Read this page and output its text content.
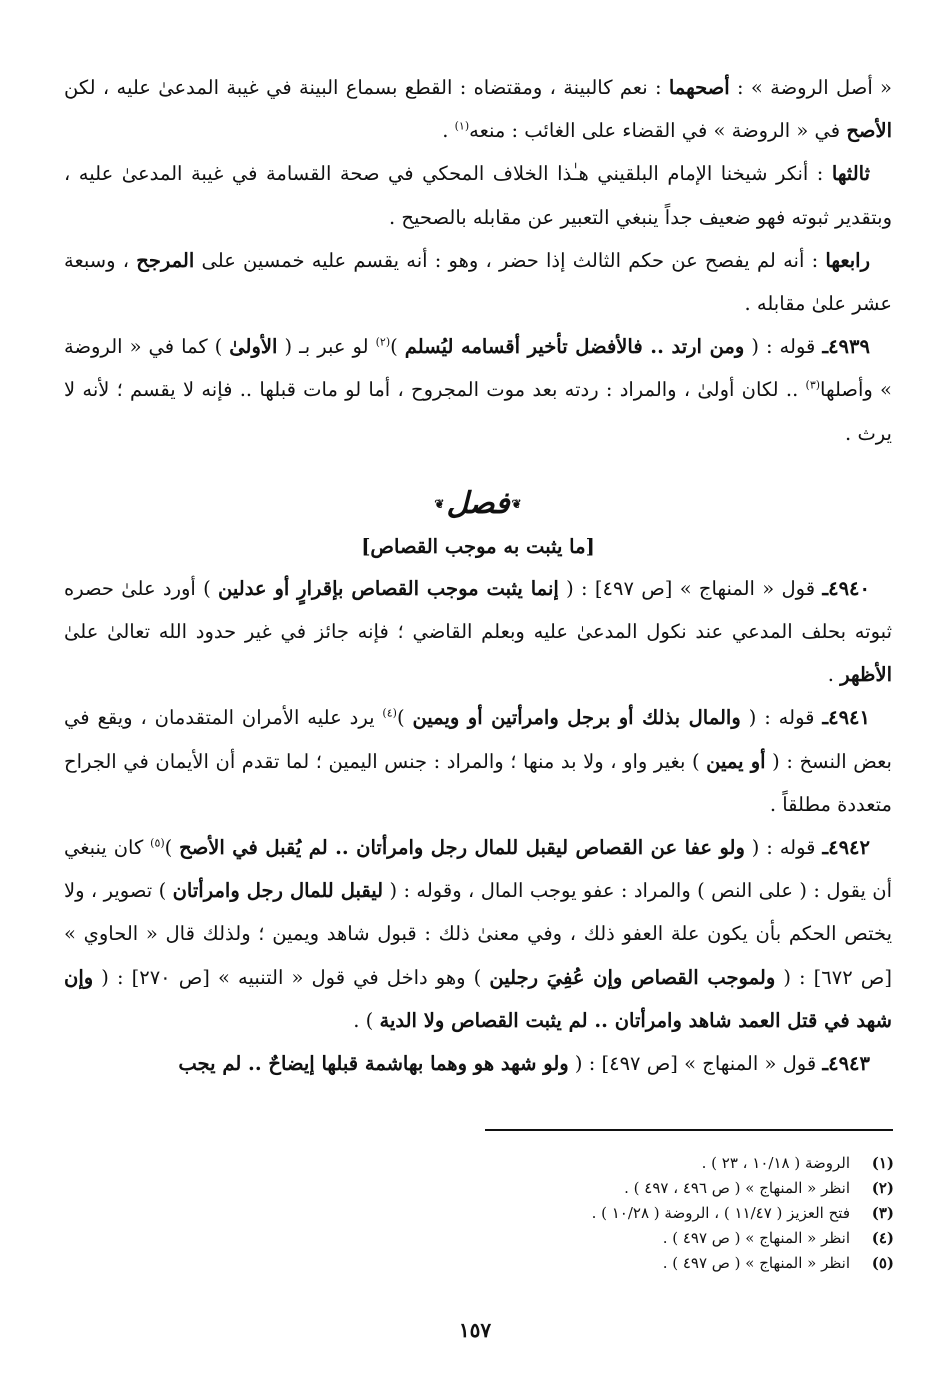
« أصل الروضة » : أصحهما : نعم كالبينة ، ومقتضاه : القطع بسماع البينة في غيبة المدعىٰ عليه ، لكن الأصح في « الروضة » في القضاء على الغائب : منعه$^{(١)}$ .

ثالثها : أنكر شيخنا الإمام البلقيني هـٰذا الخلاف المحكي في صحة القسامة في غيبة المدعىٰ عليه ، وبتقدير ثبوته فهو ضعيف جداً ينبغي التعبير عن مقابله بالصحيح .

رابعها : أنه لم يفصح عن حكم الثالث إذا حضر ، وهو : أنه يقسم عليه خمسين على المرجح ، وسبعة عشر علىٰ مقابله .

٤٩٣٩ـ قوله : ( ومن ارتد .. فالأفضل تأخير أقسامه ليُسلم )$^{(٢)}$ لو عبر بـ ( الأولىٰ ) كما في « الروضة » وأصلها$^{(٣)}$ .. لكان أولىٰ ، والمراد : ردته بعد موت المجروح ، أما لو مات قبلها .. فإنه لا يقسم ؛ لأنه لا يرث .

❦فصل❦
[ما يثبت به موجب القصاص]

٤٩٤٠ـ قول « المنهاج » [ص ٤٩٧] : ( إنما يثبت موجب القصاص بإقرارٍ أو عدلين ) أورد علىٰ حصره ثبوته بحلف المدعي عند نكول المدعىٰ عليه وبعلم القاضي ؛ فإنه جائز في غير حدود الله تعالىٰ علىٰ الأظهر .

٤٩٤١ـ قوله : ( والمال بذلك أو برجل وامرأتين أو ويمين )$^{(٤)}$ يرد عليه الأمران المتقدمان ، ويقع في بعض النسخ : ( أو يمين ) بغير واو ، ولا بد منها ؛ والمراد : جنس اليمين ؛ لما تقدم أن الأيمان في الجراح متعددة مطلقاً .

٤٩٤٢ـ قوله : ( ولو عفا عن القصاص ليقبل للمال رجل وامرأتان .. لم يُقبل في الأصح )$^{(٥)}$ كان ينبغي أن يقول : ( على النص ) والمراد : عفو يوجب المال ، وقوله : ( ليقبل للمال رجل وامرأتان ) تصوير ، ولا يختص الحكم بأن يكون علة العفو ذلك ، وفي معنىٰ ذلك : قبول شاهد ويمين ؛ ولذلك قال « الحاوي » [ص ٦٧٢] : ( ولموجب القصاص وإن عُفِيَ رجلين ) وهو داخل في قول « التنبيه » [ص ٢٧٠] : ( وإن شهد في قتل العمد شاهد وامرأتان .. لم يثبت القصاص ولا الدية ) .

٤٩٤٣ـ قول « المنهاج » [ص ٤٩٧] : ( ولو شهد هو وهما بهاشمة قبلها إيضاحٌ .. لم يجب

(١)الروضة ( ١٠/١٨ ، ٢٣ ) .
(٢)انظر « المنهاج » ( ص ٤٩٦ ، ٤٩٧ ) .
(٣)فتح العزيز ( ١١/٤٧ ) ، الروضة ( ١٠/٢٨ ) .
(٤)انظر « المنهاج » ( ص ٤٩٧ ) .
(٥)انظر « المنهاج » ( ص ٤٩٧ ) .
١٥٧
